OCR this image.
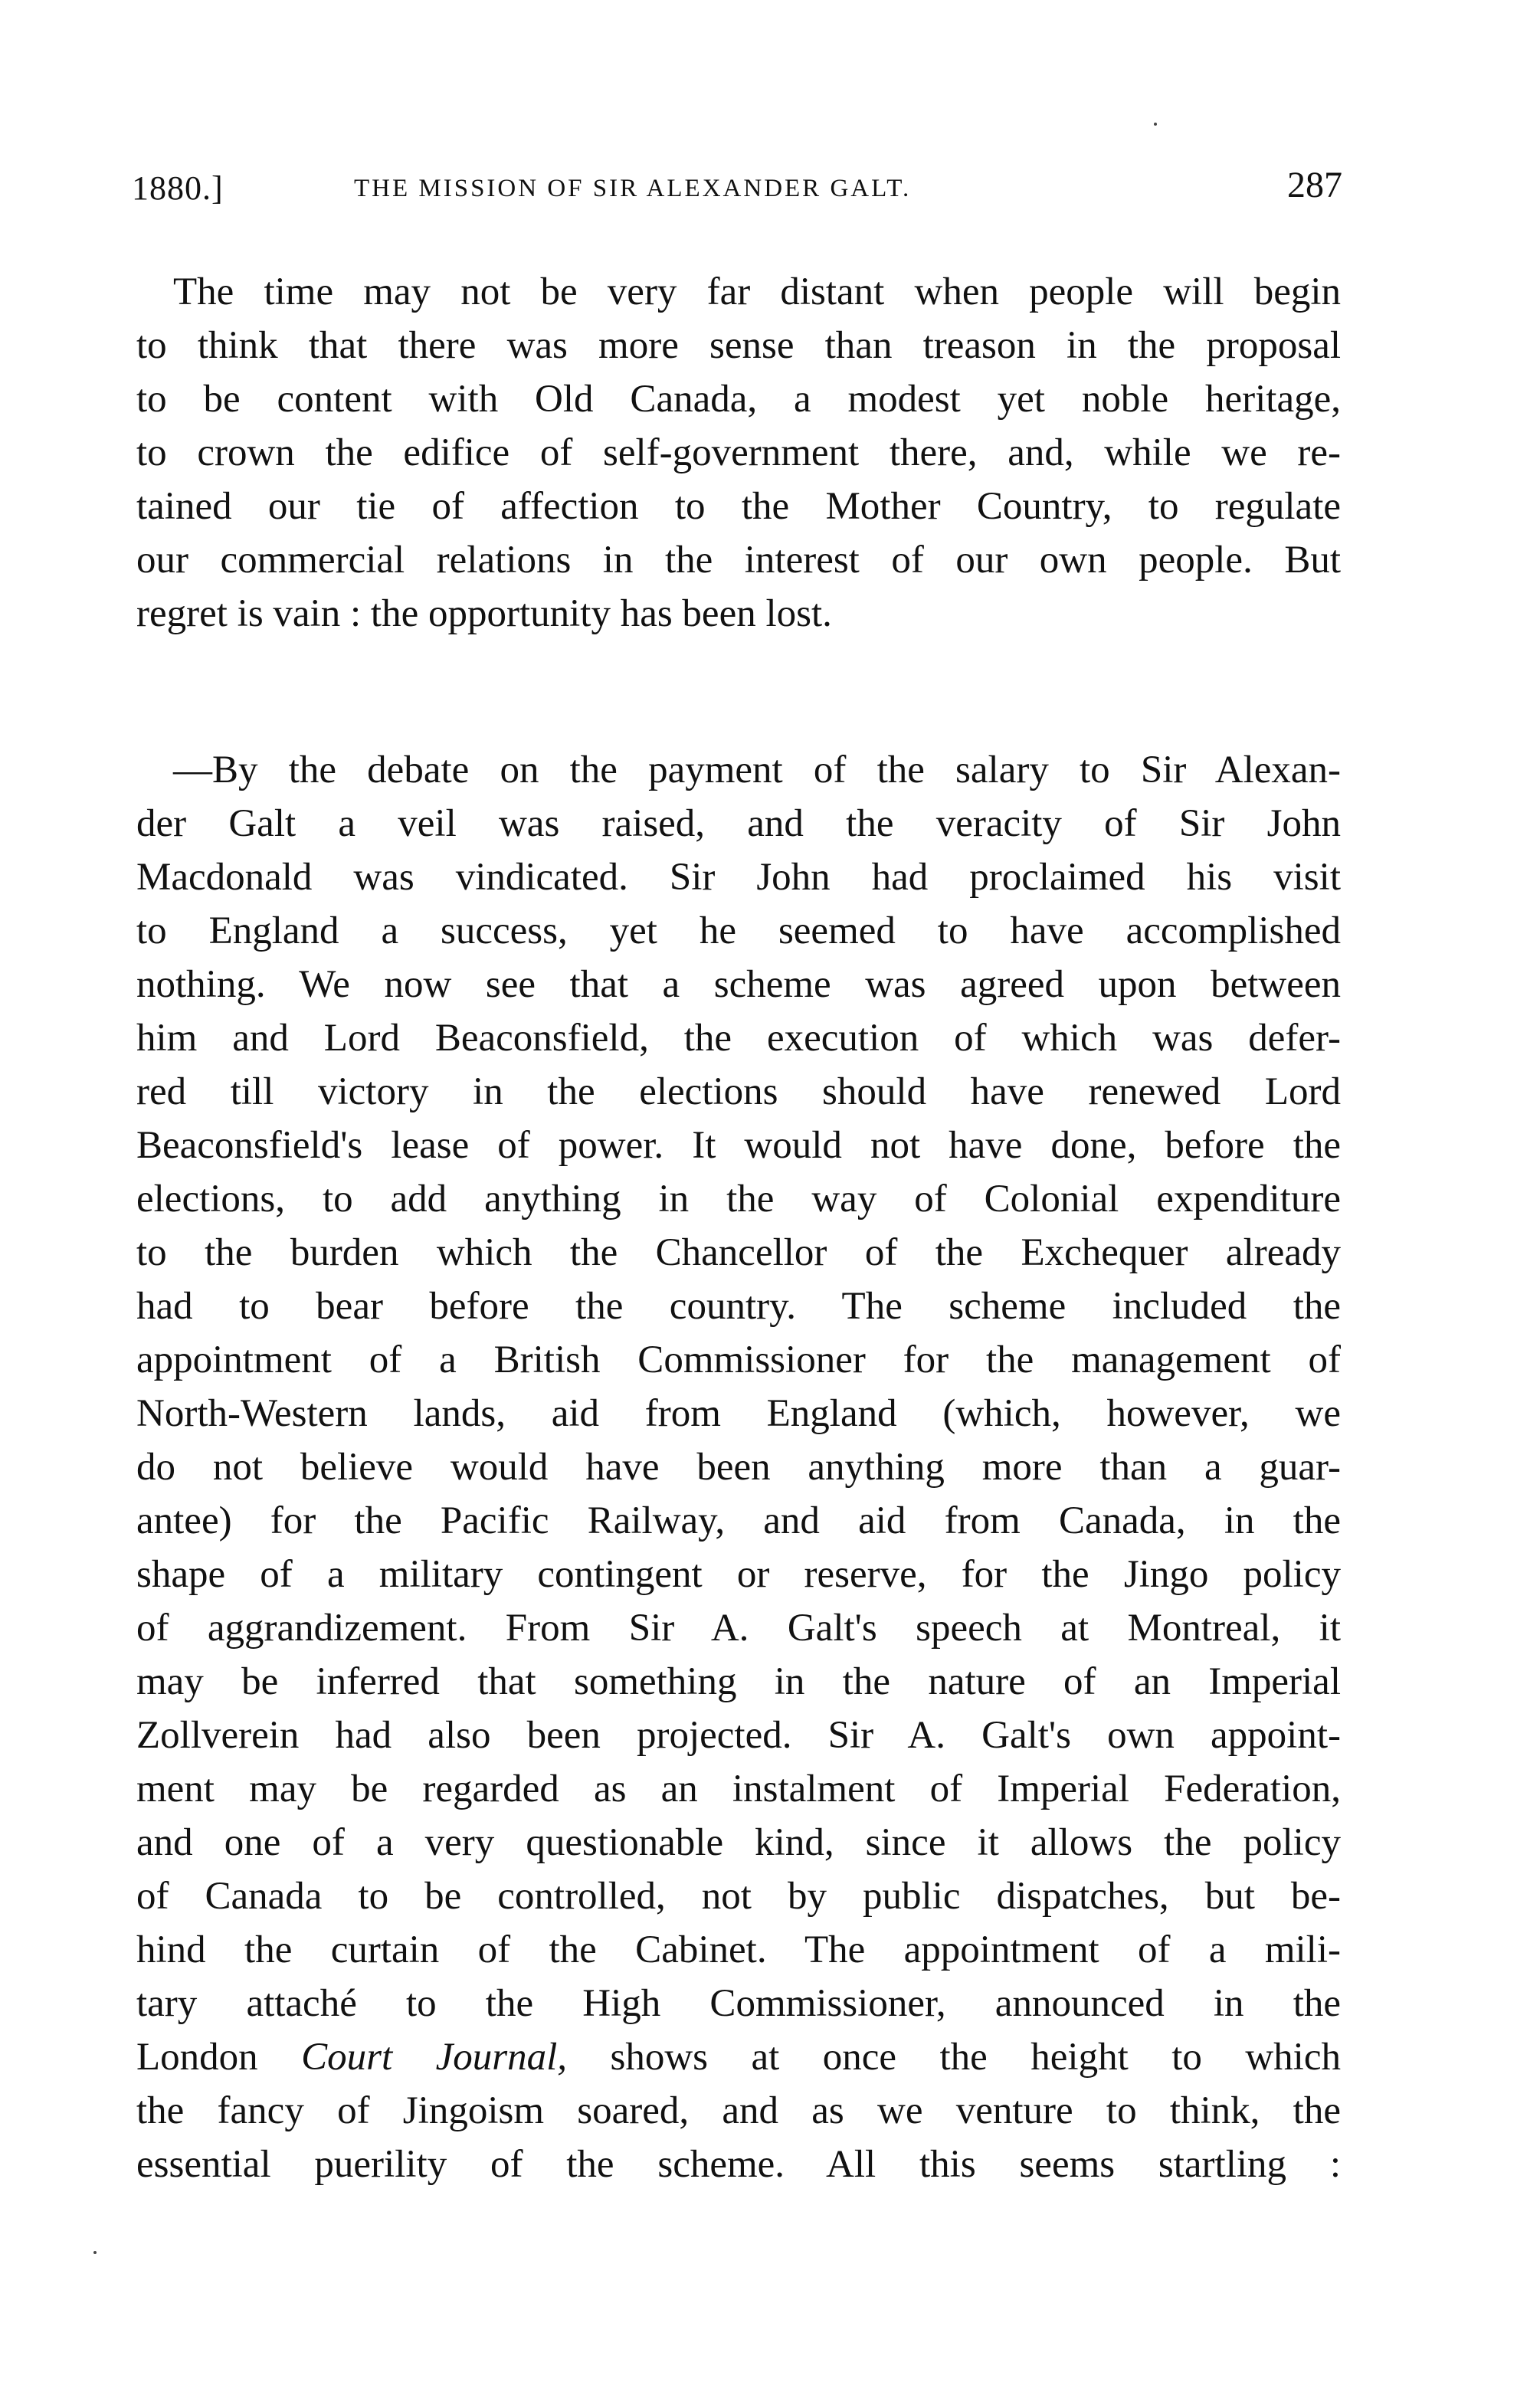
1880.]	THE MISSION OF SIR ALEXANDER GALT.	287
The time may not be very far distant when people will begin
to think that there was more sense than treason in the proposal
to be content with Old Canada, a modest yet noble heritage,
to crown the edifice of self-government there, and, while we re-
tained our tie of affection to the Mother Country, to regulate
our commercial relations in the interest of our own people. But
regret is vain : the opportunity has been lost.
—By the debate on the payment of the salary to Sir Alexan-
der Galt a veil was raised, and the veracity of Sir John
Macdonald was vindicated. Sir John had proclaimed his visit
to England a success, yet he seemed to have accomplished
nothing. We now see that a scheme was agreed upon between
him and Lord Beaconsfield, the execution of which was defer-
red till victory in the elections should have renewed Lord
Beaconsfield's lease of power. It would not have done, before the
elections, to add anything in the way of Colonial expenditure
to the burden which the Chancellor of the Exchequer already
had to bear before the country. The scheme included the
appointment of a British Commissioner for the management of
North-Western lands, aid from England (which, however, we
do not believe would have been anything more than a guar-
antee) for the Pacific Railway, and aid from Canada, in the
shape of a military contingent or reserve, for the Jingo policy
of aggrandizement. From Sir A. Galt's speech at Montreal, it
may be inferred that something in the nature of an Imperial
Zollverein had also been projected. Sir A. Galt's own appoint-
ment may be regarded as an instalment of Imperial Federation,
and one of a very questionable kind, since it allows the policy
of Canada to be controlled, not by public dispatches, but be-
hind the curtain of the Cabinet. The appointment of a mili-
tary attaché to the High Commissioner, announced in the
London Court Journal, shows at once the height to which
the fancy of Jingoism soared, and as we venture to think, the
essential puerility of the scheme. All this seems startling :
